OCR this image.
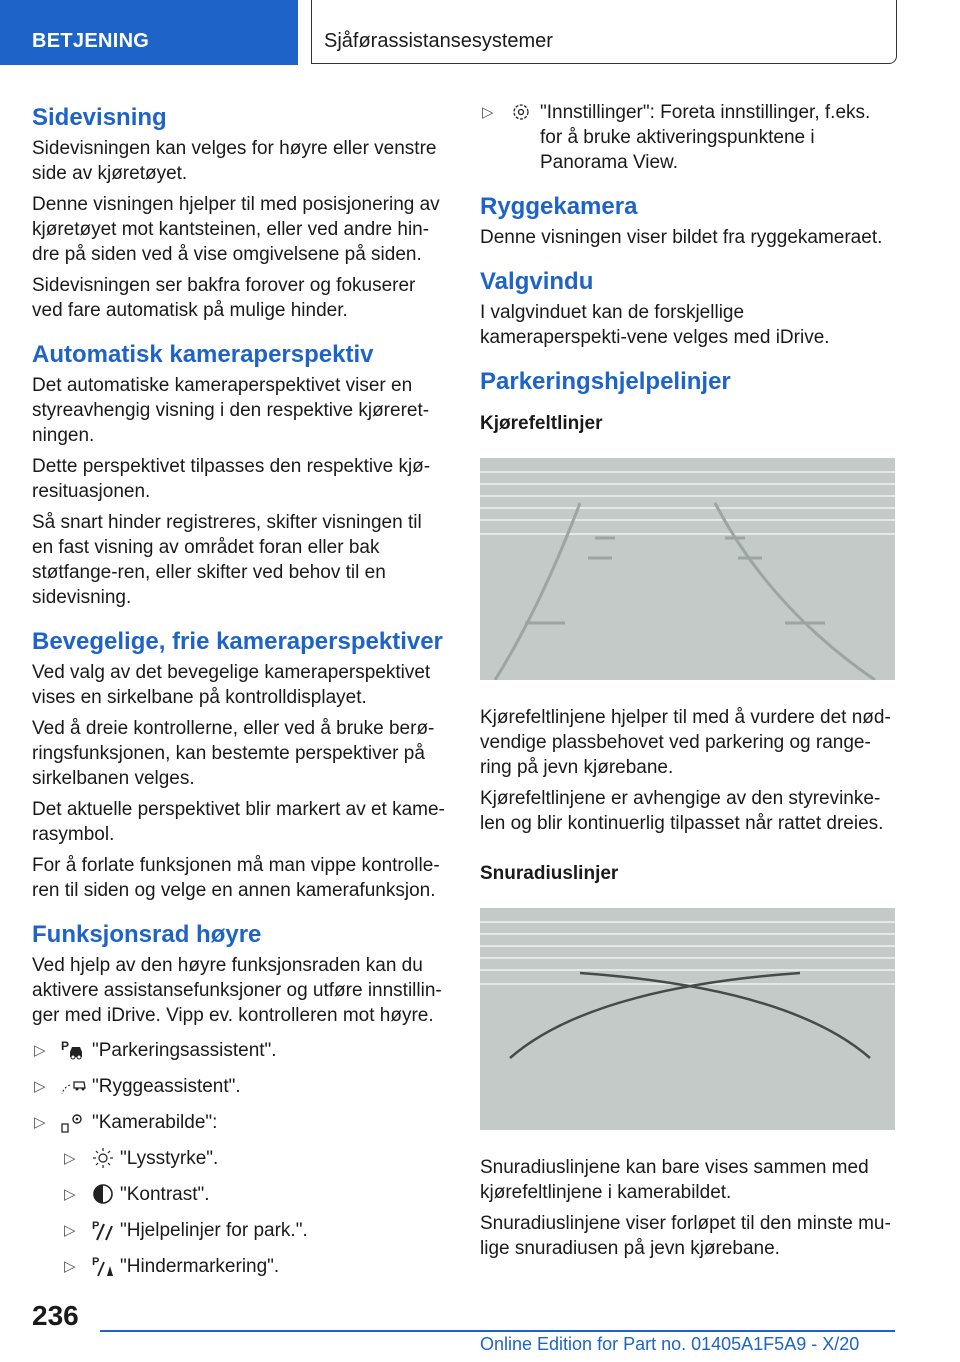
BETJENING	Sjåførassistansesystemer
Sidevisning

Sidevisningen kan velges for høyre eller venstre side av kjøretøyet.

Denne visningen hjelper til med posisjonering av kjøretøyet mot kantsteinen, eller ved andre hin-dre på siden ved å vise omgivelsene på siden.

Sidevisningen ser bakfra forover og fokuserer ved fare automatisk på mulige hinder.

Automatisk kameraperspektiv

Det automatiske kameraperspektivet viser en styreavhengig visning i den respektive kjøreret-ningen.

Dette perspektivet tilpasses den respektive kjø-resituasjonen.

Så snart hinder registreres, skifter visningen til en fast visning av området foran eller bak støtfange-ren, eller skifter ved behov til en sidevisning.

Bevegelige, frie kameraperspektiver

Ved valg av det bevegelige kameraperspektivet vises en sirkelbane på kontrolldisplayet.

Ved å dreie kontrollerne, eller ved å bruke berø-ringsfunksjonen, kan bestemte perspektiver på sirkelbanen velges.

Det aktuelle perspektivet blir markert av et kame-rasymbol.

For å forlate funksjonen må man vippe kontrolle-ren til siden og velge en annen kamerafunksjon.

Funksjonsrad høyre

Ved hjelp av den høyre funksjonsraden kan du aktivere assistansefunksjoner og utføre innstillin-ger med iDrive. Vipp ev. kontrolleren mot høyre.

▷ P "Parkeringsassistent".
▷ "Ryggeassistent".
▷ "Kamerabilde":
▷ "Lysstyrke".
▷ "Kontrast".
▷ P "Hjelpelinjer for park.".
▷ P "Hindermarkering".
▷ "Innstillinger": Foreta innstillinger, f.eks. for å bruke aktiveringspunktene i Panorama View.
Ryggekamera

Denne visningen viser bildet fra ryggekameraet.

Valgvindu

I valgvinduet kan de forskjellige kameraperspekti-vene velges med iDrive.

Parkeringshjelpelinjer
Kjørefeltlinjer

Kjørefeltlinjene hjelper til med å vurdere det nød-vendige plassbehovet ved parkering og range-ring på jevn kjørebane.

Kjørefeltlinjene er avhengige av den styrevinke-len og blir kontinuerlig tilpasset når rattet dreies.

Snuradiuslinjer

Snuradiuslinjene kan bare vises sammen med kjørefeltlinjene i kamerabildet.

Snuradiuslinjene viser forløpet til den minste mu-lige snuradiusen på jevn kjørebane.

236
Online Edition for Part no. 01405A1F5A9 - X/20
